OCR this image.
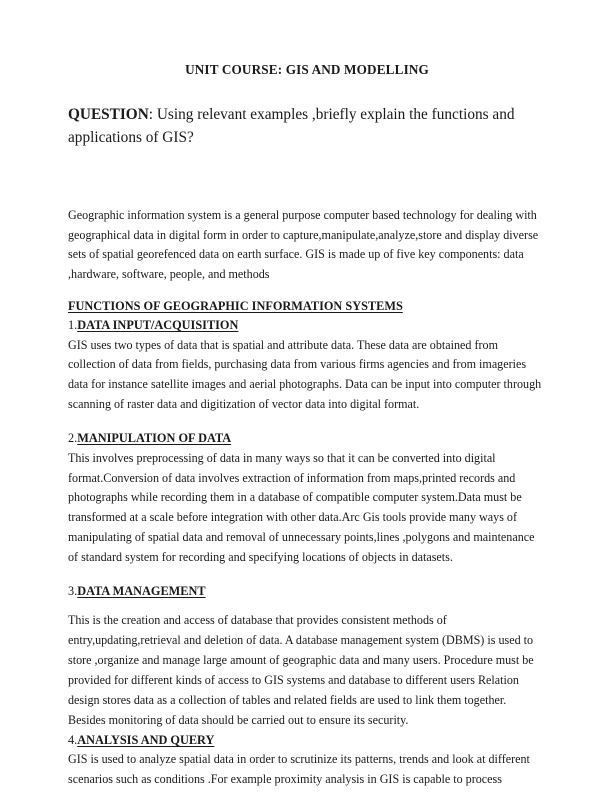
UNIT COURSE: GIS AND MODELLING

QUESTION: Using relevant examples ,briefly explain the functions and applications of GIS?

Geographic information system is a general purpose computer based technology for dealing with geographical data in digital form in order to capture,manipulate,analyze,store and display diverse sets of spatial georefenced data on earth surface. GIS is made up of five key components: data ,hardware, software, people, and methods

FUNCTIONS OF GEOGRAPHIC INFORMATION SYSTEMS

1.DATA INPUT/ACQUISITION

GIS uses two types of data that is spatial and attribute data. These data are obtained from collection of data from fields, purchasing data from various firms agencies and from imageries data for instance satellite images and aerial photographs. Data can be input into computer through scanning of raster data and digitization of vector data into digital format.

2.MANIPULATION OF DATA

This involves preprocessing of data in many ways so that it can be converted into digital format.Conversion of data involves extraction of information from maps,printed records and photographs while recording them in a database of compatible computer system.Data must be transformed at a scale before integration with other data.Arc Gis tools provide many ways of manipulating of spatial data and removal of unnecessary points,lines ,polygons and maintenance of standard system for recording and specifying locations of objects in datasets.

3.DATA MANAGEMENT

This is the creation and access of database that provides consistent methods of entry,updating,retrieval and deletion of data. A database management system (DBMS) is used to store ,organize and manage large amount of geographic data and many users. Procedure must be provided for different kinds of access to GIS systems and database to different users Relation design stores data as a collection of tables and related fields are used to link them together. Besides monitoring of data should be carried out to ensure its security.

4.ANALYSIS AND QUERY

GIS is used to analyze spatial data in order to scrutinize its patterns, trends and look at different scenarios such as conditions .For example proximity analysis in GIS is capable to process
